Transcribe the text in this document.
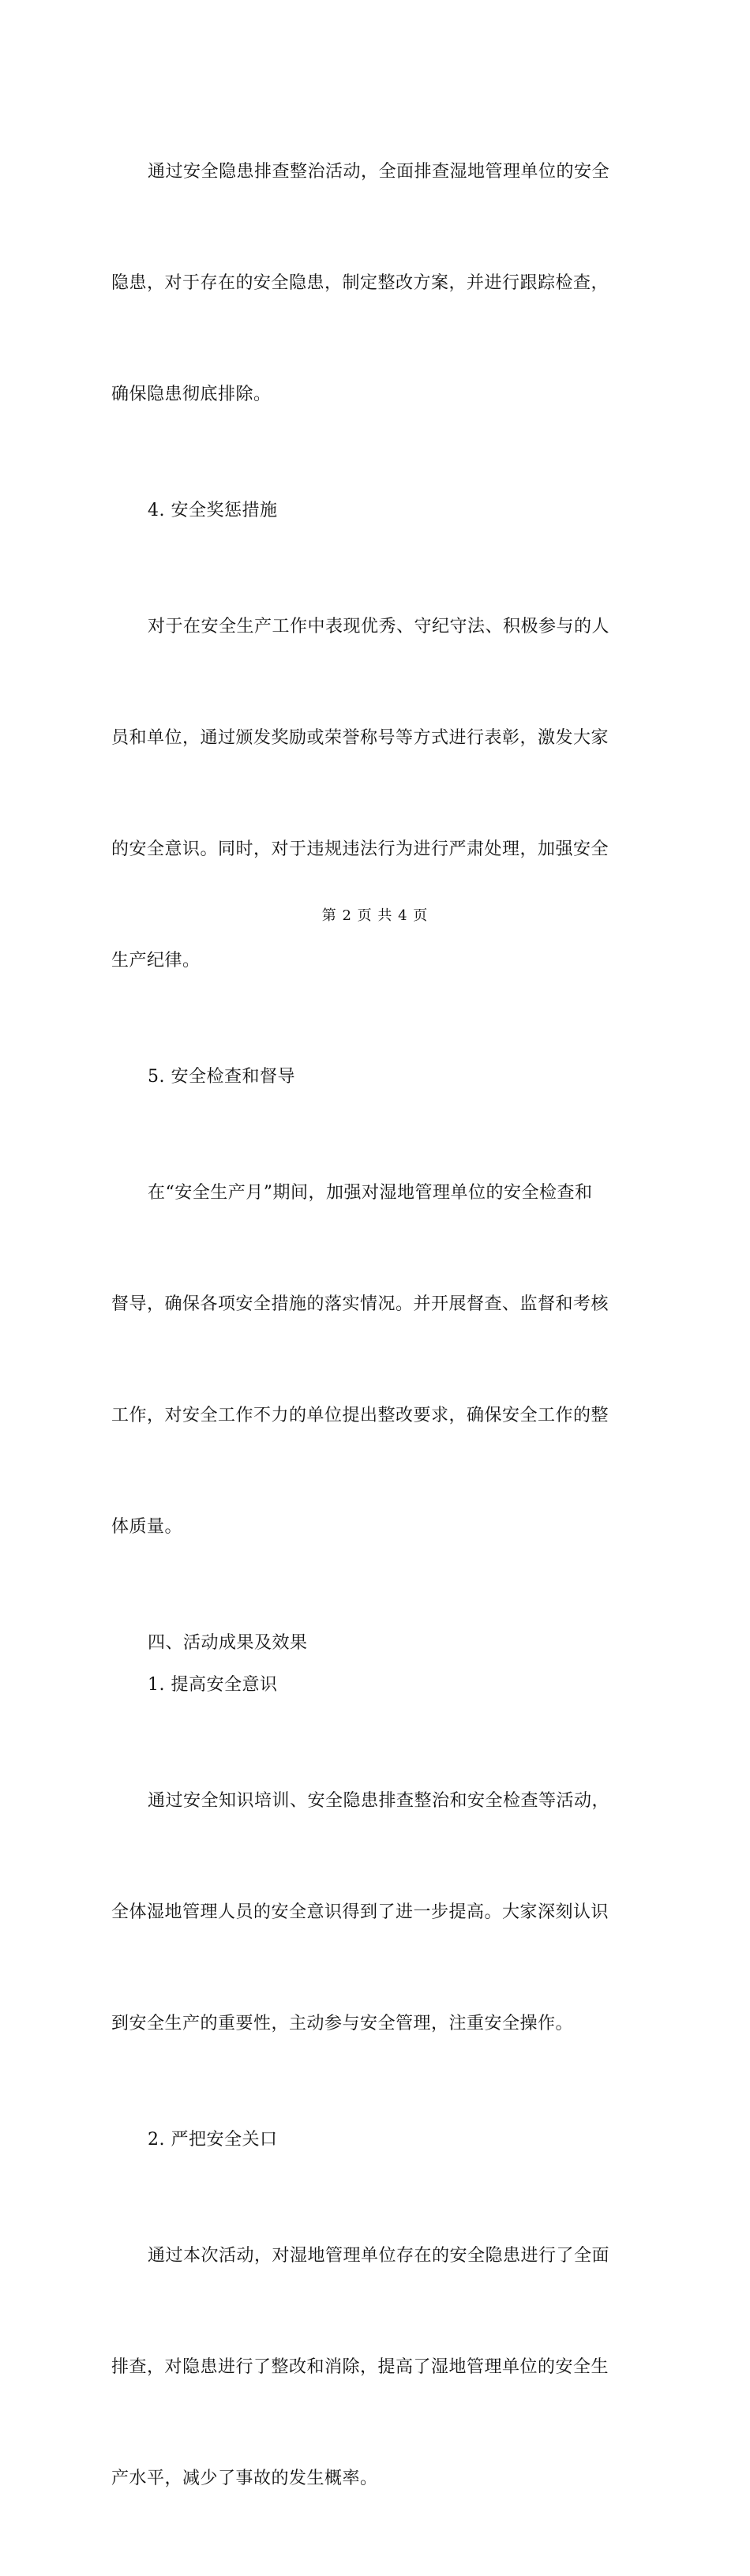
通过安全隐患排查整治活动，全面排查湿地管理单位的安全

隐患，对于存在的安全隐患，制定整改方案，并进行跟踪检查，

确保隐患彻底排除。

4. 安全奖惩措施

对于在安全生产工作中表现优秀、守纪守法、积极参与的人

员和单位，通过颁发奖励或荣誉称号等方式进行表彰，激发大家

的安全意识。同时，对于违规违法行为进行严肃处理，加强安全

生产纪律。

5. 安全检查和督导

在“安全生产月”期间，加强对湿地管理单位的安全检查和

督导，确保各项安全措施的落实情况。并开展督查、监督和考核

工作，对安全工作不力的单位提出整改要求，确保安全工作的整

体质量。

四、活动成果及效果
1. 提高安全意识

通过安全知识培训、安全隐患排查整治和安全检查等活动，

全体湿地管理人员的安全意识得到了进一步提高。大家深刻认识

到安全生产的重要性，主动参与安全管理，注重安全操作。

2. 严把安全关口

通过本次活动，对湿地管理单位存在的安全隐患进行了全面

排查，对隐患进行了整改和消除，提高了湿地管理单位的安全生

产水平，减少了事故的发生概率。

第 2 页 共 4 页
